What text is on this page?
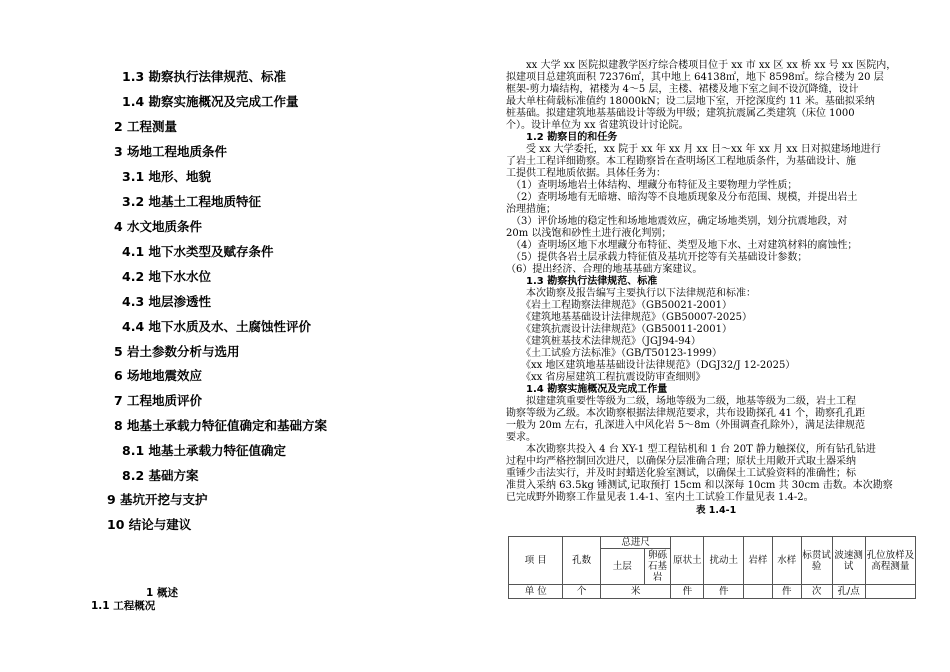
1.3 勘察执行法律规范、标准
1.4 勘察实施概况及完成工作量
2 工程测量
3 场地工程地质条件
3.1 地形、地貌
3.2 地基土工程地质特征
4 水文地质条件
4.1 地下水类型及赋存条件
4.2 地下水水位
4.3 地层渗透性
4.4 地下水质及水、土腐蚀性评价
5 岩土参数分析与选用
6 场地地震效应
7 工程地质评价
8 地基土承载力特征值确定和基础方案
8.1 地基土承载力特征值确定
8.2 基础方案
9 基坑开挖与支护
10 结论与建议
1 概述
1.1 工程概况
　　xx 大学 xx 医院拟建教学医疗综合楼项目位于 xx 市 xx 区 xx 桥 xx 号 xx 医院内，
拟建项目总建筑面积 72376㎡，其中地上 64138㎡，地下 8598㎡。综合楼为 20 层
框架-剪力墙结构，裙楼为 4～5 层，主楼、裙楼及地下室之间不设沉降缝，设计
最大单柱荷载标准值约 18000kN；设二层地下室，开挖深度约 11 米。基础拟采纳
桩基础。拟建建筑地基基础设计等级为甲级；建筑抗震属乙类建筑（床位 1000
个）。设计单位为 xx 省建筑设计讨论院。
　　1.2 勘察目的和任务
　　受 xx 大学委托，xx 院于 xx 年 xx 月 xx 日～xx 年 xx 月 xx 日对拟建场地进行
了岩土工程详细勘察。本工程勘察旨在查明场区工程地质条件，为基础设计、施
工提供工程地质依据。具体任务为：
　（1）查明场地岩土体结构、埋藏分布特征及主要物理力学性质；
　（2）查明场地有无暗塘、暗沟等不良地质现象及分布范围、规模，并提出岩土
治理措施；
　（3）评价场地的稳定性和场地地震效应，确定场地类别，划分抗震地段，对
20m 以浅饱和砂性土进行液化判别；
　（4）查明场区地下水埋藏分布特征、类型及地下水、土对建筑材料的腐蚀性；
　（5）提供各岩土层承载力特征值及基坑开挖等有关基础设计参数；
（6）提出经济、合理的地基基础方案建议。
　　1.3 勘察执行法律规范、标准
　　本次勘察及报告编写主要执行以下法律规范和标准：
　　《岩土工程勘察法律规范》（GB50021-2001）
　　《建筑地基基础设计法律规范》（GB50007-2025）
　　《建筑抗震设计法律规范》（GB50011-2001）
　　《建筑桩基技术法律规范》（JGJ94-94）
　　《土工试验方法标准》（GB/T50123-1999）
　　《xx 地区建筑地基基础设计法律规范》（DGJ32/J 12-2025）
　　《xx 省房屋建筑工程抗震设防审查细则》
　　1.4 勘察实施概况及完成工作量
　　拟建建筑重要性等级为二级，场地等级为二级，地基等级为二级，岩土工程
勘察等级为乙级。本次勘察根据法律规范要求，共布设勘探孔 41 个，勘察孔孔距
一般为 20m 左右，孔深进入中风化岩 5～8m（外围调查孔除外），满足法律规范
要求。
　　本次勘察共投入 4 台 XY-1 型工程钻机和 1 台 20T 静力触探仪，所有钻孔钻进
过程中均严格控制回次进尺，以确保分层准确合理；原状土用敞开式取土器采纳
重锤少击法实行，并及时封蜡送化验室测试，以确保土工试验资料的准确性；标
准贯入采纳 63.5kg 锤测试,记取预打 15cm 和以深每 10cm 共 30cm 击数。本次勘察
已完成野外勘察工作量见表 1.4-1、室内土工试验工作量见表 1.4-2。
表 1.4-1
项 目	孔数	总进尺		原状土	扰动土	岩样	水样	标贯试验	波速测试	孔位放样及高程测量
		土层	卵砾石基岩							
单 位	个	米		件	件		件	次	孔/点	
